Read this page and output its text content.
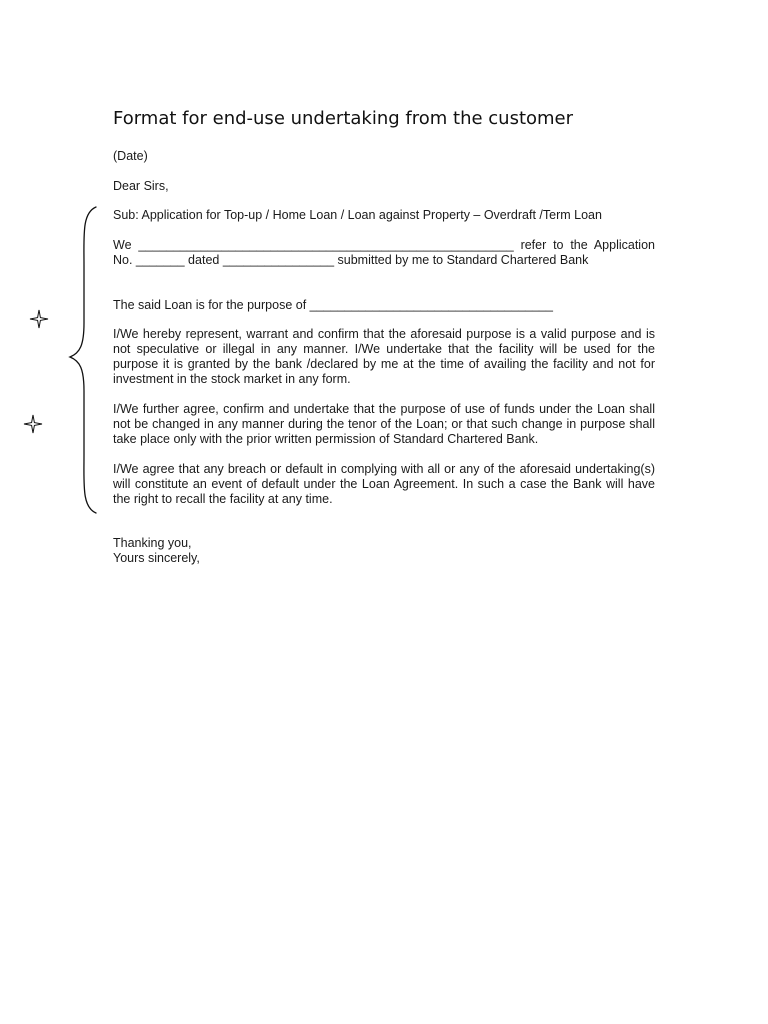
Format for end-use undertaking from the customer

(Date)

Dear Sirs,

Sub: Application for Top-up / Home Loan / Loan against Property – Overdraft /Term Loan

We ______________________________________________________ refer to the Application
No. _______ dated ________________ submitted by me to Standard Chartered Bank

The said Loan is for the purpose of ___________________________________

I/We hereby represent, warrant and confirm that the aforesaid purpose is a valid purpose and is not speculative or illegal in any manner. I/We undertake that the facility will be used for the purpose it is granted by the bank /declared by me at the time of availing the facility and not for investment in the stock market in any form.

I/We further agree, confirm and undertake that the purpose of use of funds under the Loan shall not be changed in any manner during the tenor of the Loan; or that such change in purpose shall take place only with the prior written permission of Standard Chartered Bank.

I/We agree that any breach or default in complying with all or any of the aforesaid undertaking(s) will constitute an event of default under the Loan Agreement. In such a case the Bank will have the right to recall the facility at any time.

Thanking you,

Yours sincerely,
